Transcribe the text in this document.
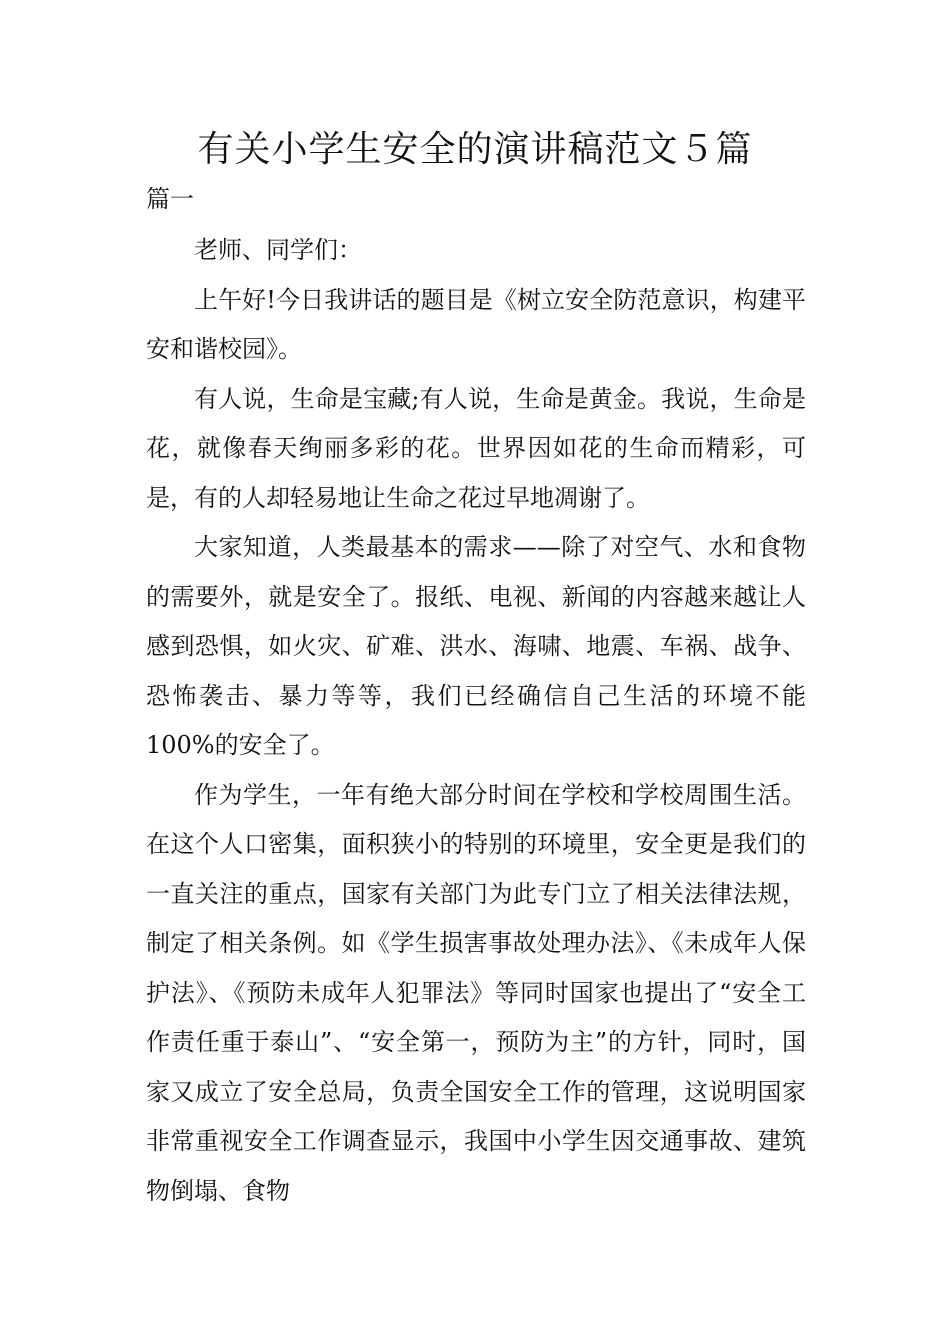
有关小学生安全的演讲稿范文５篇
篇一

老师、同学们：

上午好!今日我讲话的题目是《树立安全防范意识，构建平安和谐校园》。

有人说，生命是宝藏;有人说，生命是黄金。我说，生命是花，就像春天绚丽多彩的花。世界因如花的生命而精彩，可是，有的人却轻易地让生命之花过早地凋谢了。

大家知道，人类最基本的需求——除了对空气、水和食物的需要外，就是安全了。报纸、电视、新闻的内容越来越让人感到恐惧，如火灾、矿难、洪水、海啸、地震、车祸、战争、恐怖袭击、暴力等等，我们已经确信自己生活的环境不能100%的安全了。

作为学生，一年有绝大部分时间在学校和学校周围生活。在这个人口密集，面积狭小的特别的环境里，安全更是我们的一直关注的重点，国家有关部门为此专门立了相关法律法规，制定了相关条例。如《学生损害事故处理办法》、《未成年人保护法》、《预防未成年人犯罪法》等同时国家也提出了“安全工作责任重于泰山”、“安全第一，预防为主”的方针，同时，国家又成立了安全总局，负责全国安全工作的管理，这说明国家非常重视安全工作调查显示，我国中小学生因交通事故、建筑物倒塌、食物
